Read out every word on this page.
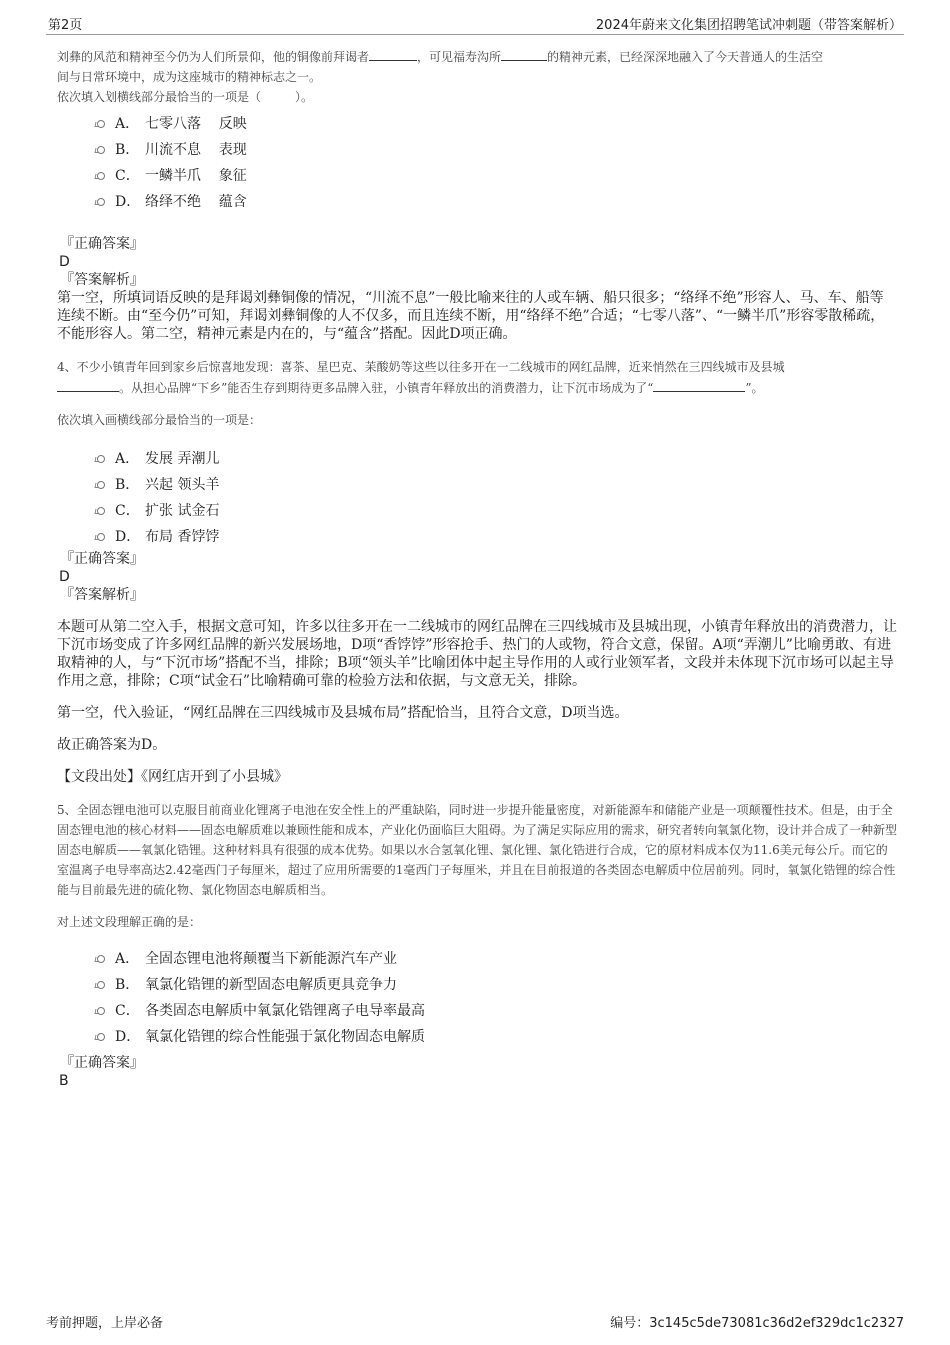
第2页	2024年蔚来文化集团招聘笔试冲刺题（带答案解析）

刘彝的风范和精神至今仍为人们所景仰，他的铜像前拜谒者	，可见福寿沟所	的精神元素，已经深深地融入了今天普通人的生活空
间与日常环境中，成为这座城市的精神标志之一。

依次填入划横线部分最恰当的一项是（	）。

A． 七零八落    反映
B． 川流不息    表现
C． 一鳞半爪    象征
D． 络绎不绝    蕴含

『正确答案』

D

『答案解析』

第一空，所填词语反映的是拜谒刘彝铜像的情况，“川流不息”一般比喻来往的人或车辆、船只很多；“络绎不绝”形容人、马、车、船等连续不断。由“至今仍”可知，拜谒刘彝铜像的人不仅多，而且连续不断，用“络绎不绝”合适；“七零八落”、“一鳞半爪”形容零散稀疏，不能形容人。第二空，精神元素是内在的，与“蕴含”搭配。因此D项正确。

4、不少小镇青年回到家乡后惊喜地发现：喜茶、星巴克、苿酸奶等这些以往多开在一二线城市的网红品牌，近来悄然在三四线城市及县城
。从担心品牌“下乡”能否生存到期待更多品牌入驻，小镇青年释放出的消费潜力，让下沉市场成为了“	”。

依次填入画横线部分最恰当的一项是：

A． 发展 弄潮儿
B． 兴起 领头羊
C． 扩张 试金石
D． 布局 香饽饽

『正确答案』

D

『答案解析』

本题可从第二空入手，根据文意可知，许多以往多开在一二线城市的网红品牌在三四线城市及县城出现，小镇青年释放出的消费潜力，让下沉市场变成了许多网红品牌的新兴发展场地，D项“香饽饽”形容抢手、热门的人或物，符合文意，保留。A项“弄潮儿”比喻勇敢、有进取精神的人，与“下沉市场”搭配不当，排除；B项“领头羊”比喻团体中起主导作用的人或行业领军者，文段并未体现下沉市场可以起主导作用之意，排除；C项“试金石”比喻精确可靠的检验方法和依据，与文意无关，排除。

第一空，代入验证，“网红品牌在三四线城市及县城布局”搭配恰当，且符合文意，D项当选。

故正确答案为D。

【文段出处】《网红店开到了小县城》

5、全固态锂电池可以克服目前商业化锂离子电池在安全性上的严重缺陷，同时进一步提升能量密度，对新能源车和储能产业是一项颠覆性技术。但是，由于全固态锂电池的核心材料——固态电解质难以兼顾性能和成本，产业化仍面临巨大阻碍。为了满足实际应用的需求，研究者转向氧氯化物，设计并合成了一种新型固态电解质——氧氯化锆锂。这种材料具有很强的成本优势。如果以水合氢氧化锂、氯化锂、氯化锆进行合成，它的原材料成本仅为11.6美元每公斤。而它的室温离子电导率高达2.42毫西门子每厘米，超过了应用所需要的1毫西门子每厘米，并且在目前报道的各类固态电解质中位居前列。同时，氧氯化锆锂的综合性能与目前最先进的硫化物、氯化物固态电解质相当。

对上述文段理解正确的是：

A． 全固态锂电池将颠覆当下新能源汽车产业
B． 氧氯化锆锂的新型固态电解质更具竞争力
C． 各类固态电解质中氧氯化锆锂离子电导率最高
D． 氧氯化锆锂的综合性能强于氯化物固态电解质

『正确答案』

B

考前押题，上岸必备	编号：3c145c5de73081c36d2ef329dc1c2327
